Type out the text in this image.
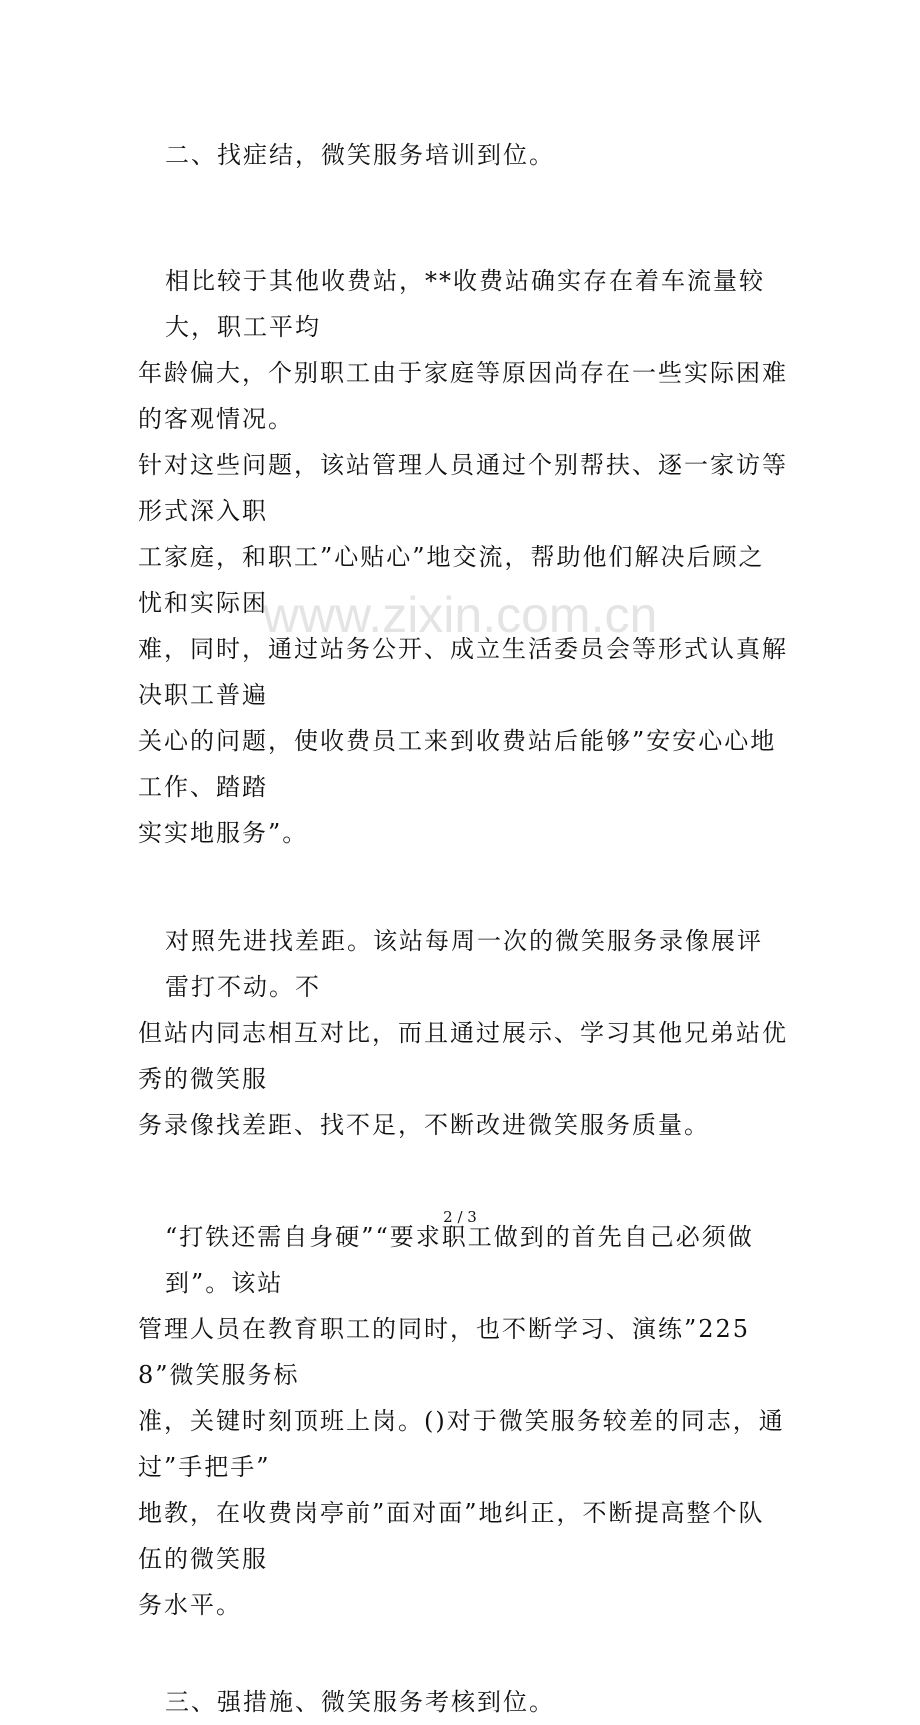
www.zixin.com.cn
二、找症结，微笑服务培训到位。
相比较于其他收费站，**收费站确实存在着车流量较大，职工平均
年龄偏大，个别职工由于家庭等原因尚存在一些实际困难的客观情况。
针对这些问题，该站管理人员通过个别帮扶、逐一家访等形式深入职
工家庭，和职工”心贴心”地交流，帮助他们解决后顾之忧和实际困
难，同时，通过站务公开、成立生活委员会等形式认真解决职工普遍
关心的问题，使收费员工来到收费站后能够”安安心心地工作、踏踏
实实地服务”。
对照先进找差距。该站每周一次的微笑服务录像展评雷打不动。不
但站内同志相互对比，而且通过展示、学习其他兄弟站优秀的微笑服
务录像找差距、找不足，不断改进微笑服务质量。
“打铁还需自身硬”“要求职工做到的首先自己必须做到”。该站
管理人员在教育职工的同时，也不断学习、演练”2258”微笑服务标
准，关键时刻顶班上岗。()对于微笑服务较差的同志，通过”手把手”
地教，在收费岗亭前”面对面”地纠正，不断提高整个队伍的微笑服
务水平。
三、强措施、微笑服务考核到位。
2 / 3
